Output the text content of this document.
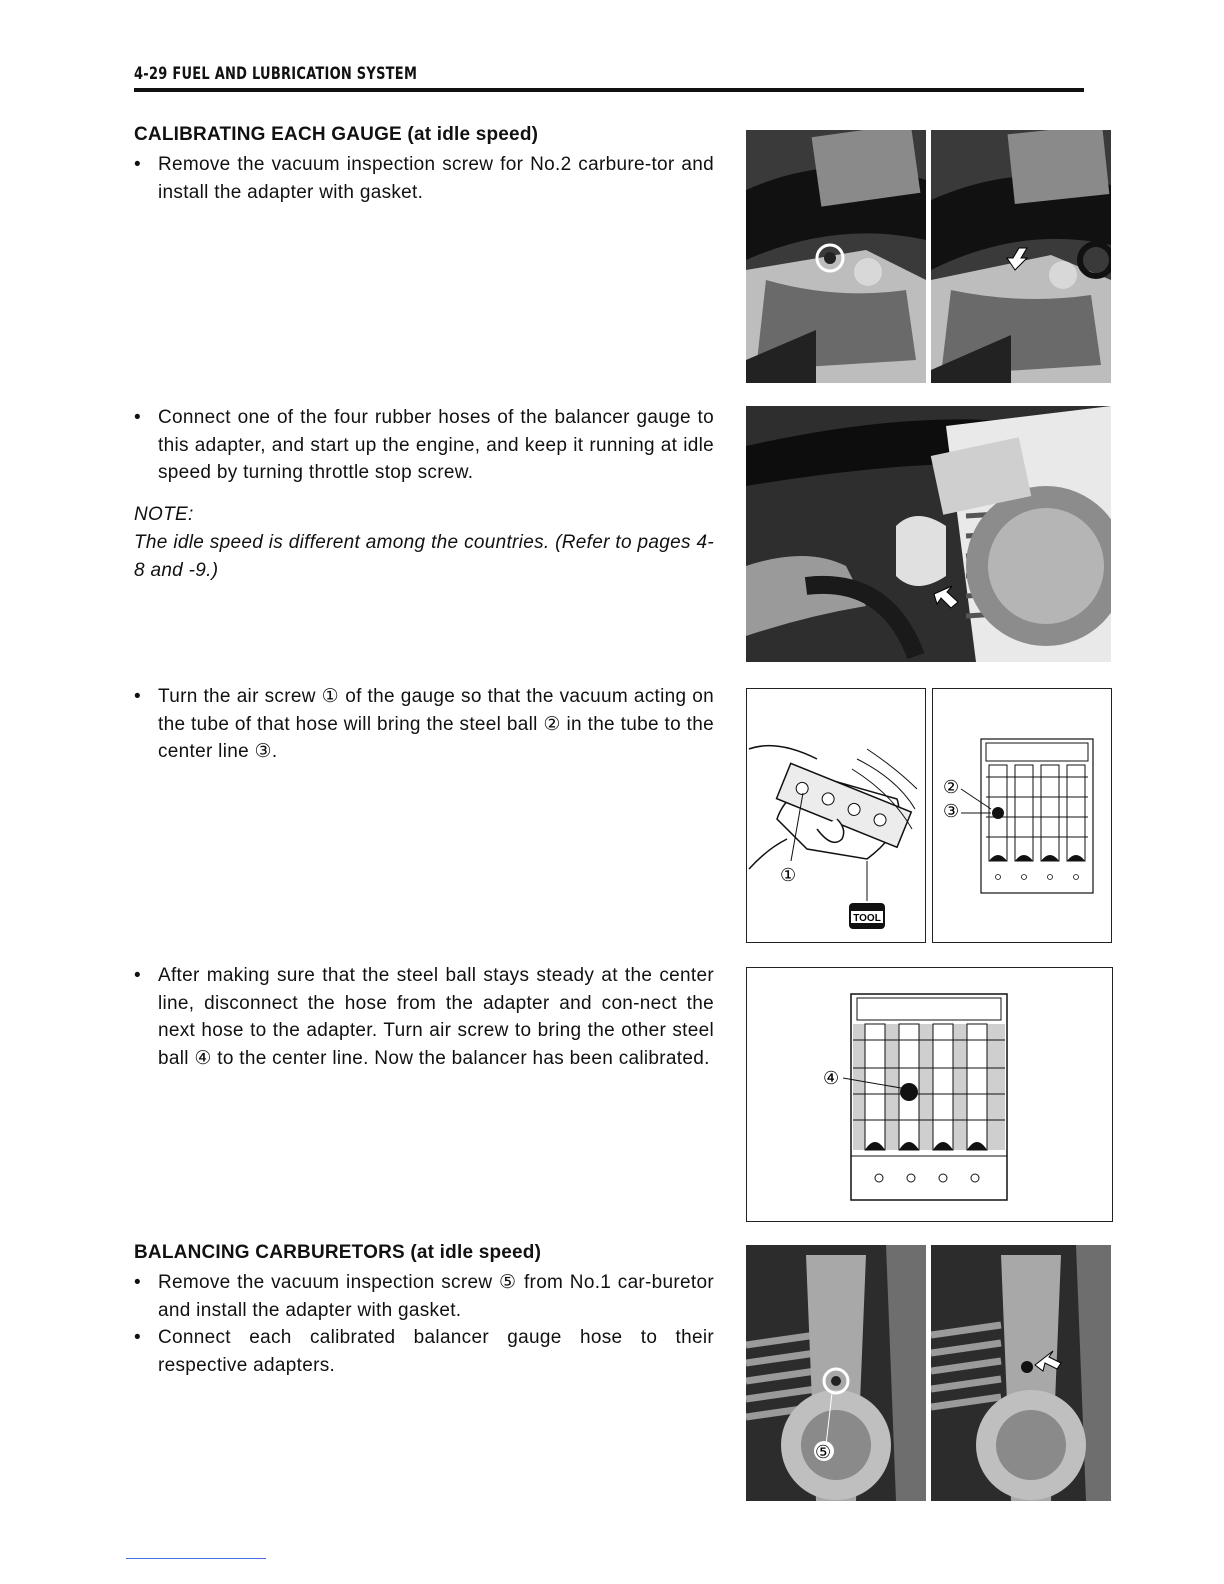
4-29 FUEL AND LUBRICATION SYSTEM
CALIBRATING EACH GAUGE (at idle speed)
• Remove the vacuum inspection screw for No.2 carbure-tor and install the adapter with gasket.
• Connect one of the four rubber hoses of the balancer gauge to this adapter, and start up the engine, and keep it running at idle speed by turning throttle stop screw.
NOTE:
The idle speed is different among the countries. (Refer to pages 4-8 and -9.)
• Turn the air screw ① of the gauge so that the vacuum acting on the tube of that hose will bring the steel ball ② in the tube to the center line ③.
• After making sure that the steel ball stays steady at the center line, disconnect the hose from the adapter and con-nect the next hose to the adapter. Turn air screw to bring the other steel ball ④ to the center line. Now the balancer has been calibrated.
BALANCING CARBURETORS (at idle speed)
• Remove the vacuum inspection screw ⑤ from No.1 car-buretor and install the adapter with gasket.
• Connect each calibrated balancer gauge hose to their respective adapters.
①
TOOL
②
③
④
⑤
